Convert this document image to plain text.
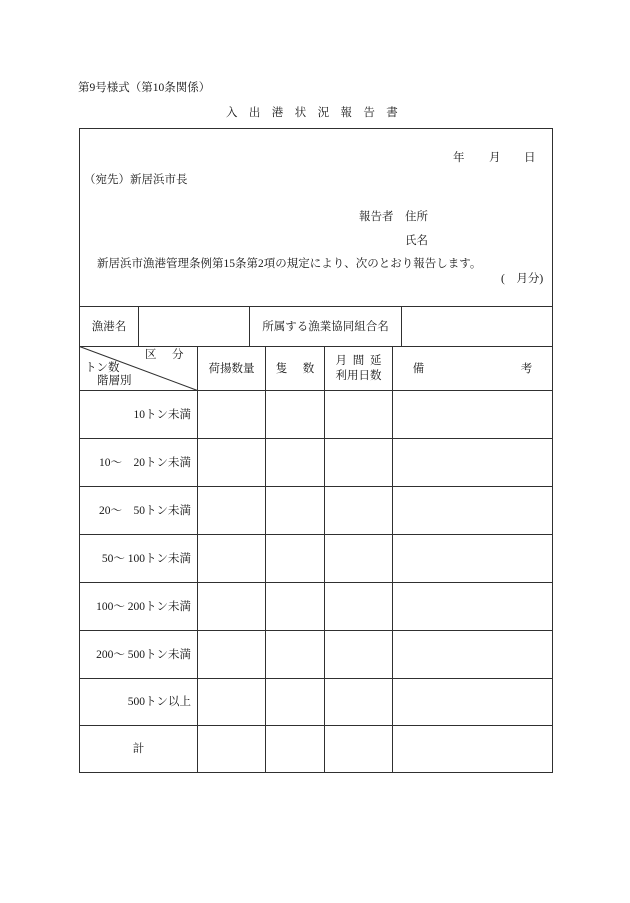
第9号様式（第10条関係）
入出港状況報告書
年 月 日
（宛先）新居浜市長
報告者 住所
氏名
新居浜市漁港管理条例第15条第2項の規定により、次のとおり報告します。
(　月分)
漁港名	所属する漁業協同組合名
区分
トン数
階層別
荷揚数量 隻数
月間延
利用日数
備考
10トン未満
10～　20トン未満
20～　50トン未満
50～ 100トン未満
100～ 200トン未満
200～ 500トン未満
500トン以上
計
